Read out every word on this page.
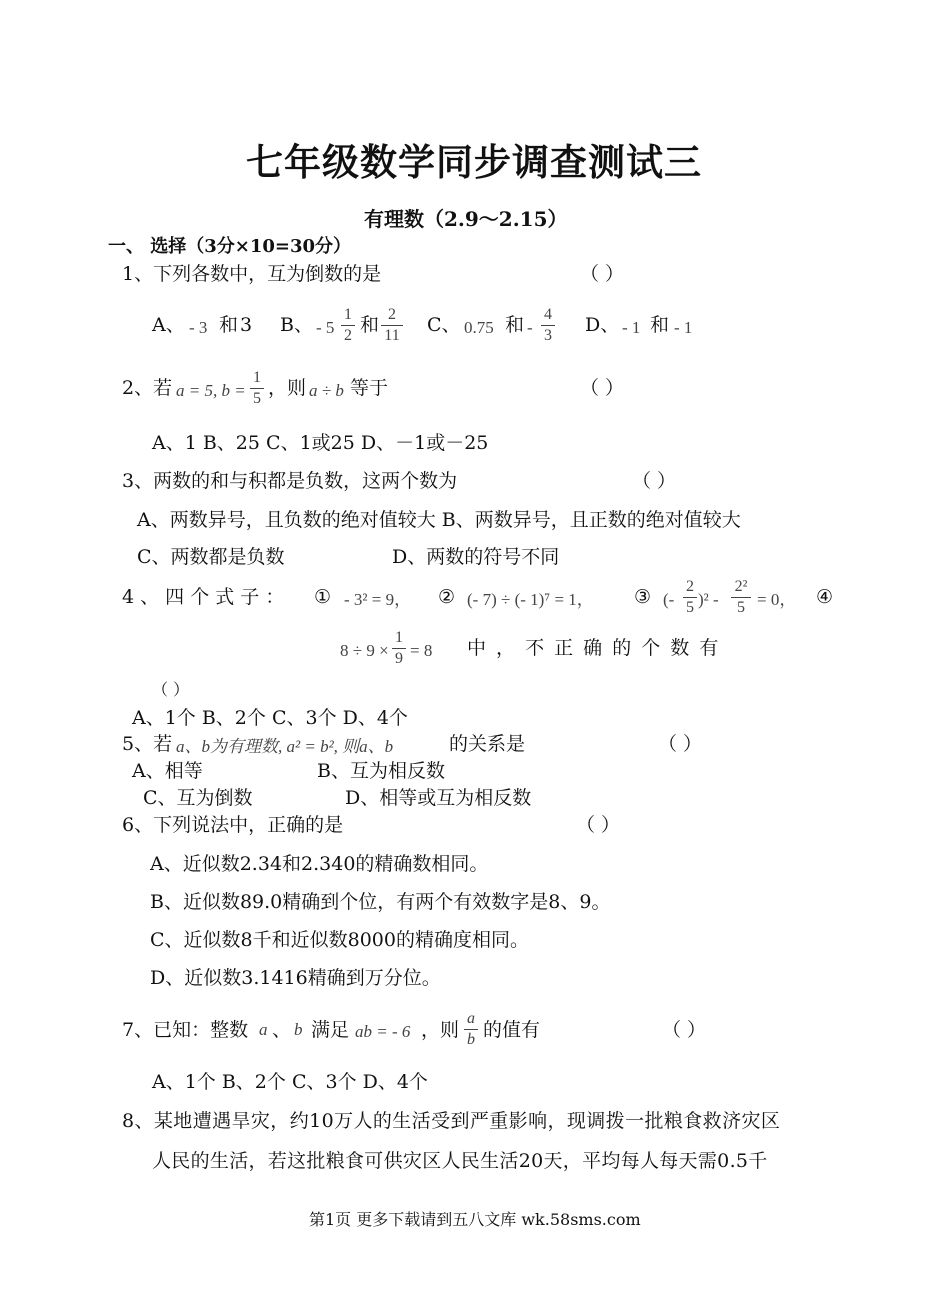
七年级数学同步调查测试三
有理数（2.9～2.15）
一、 选择（3分×10=30分）
1、下列各数中，互为倒数的是	（ ）
A、 - 3 和 3 B、 - 5
1
2 和 2
11 C、 0.75 和 -
4
3 D、 - 1 和 - 1
2、若 a = 5, b =
1
5 ，则 a ÷ b 等于	（ ）
A、1 B、25 C、1或25 D、－1或－25
3、两数的和与积都是负数，这两个数为	（ ）
A、两数异号，且负数的绝对值较大 B、两数异号，且正数的绝对值较大
C、两数都是负数	D、两数的符号不同
4 、 四 个 式 子 ： ① - 3² = 9， ② (- 7) ÷ (- 1)⁷ = 1， ③ (-
2
5 )² -
2²
5 = 0， ④
8 ÷ 9 ×
1
9 = 8 中 ， 不 正 确 的 个 数 有
（ ）
A、1个 B、2个 C、3个 D、4个
5、若 a、b为有理数, a² = b², 则a、b	的关系是	（ ）
A、相等	B、互为相反数
C、互为倒数	D、相等或互为相反数
6、下列说法中，正确的是	（ ）
A、近似数2.34和2.340的精确数相同。
B、近似数89.0精确到个位，有两个有效数字是8、9。
C、近似数8千和近似数8000的精确度相同。
D、近似数3.1416精确到万分位。
7、已知：整数 a 、 b 满足 ab = - 6 ，则
a
b 的值有	（ ）
A、1个 B、2个 C、3个 D、4个
8、某地遭遇旱灾，约10万人的生活受到严重影响，现调拨一批粮食救济灾区
人民的生活，若这批粮食可供灾区人民生活20天，平均每人每天需0.5千
第1页 更多下载请到五八文库 wk.58sms.com
